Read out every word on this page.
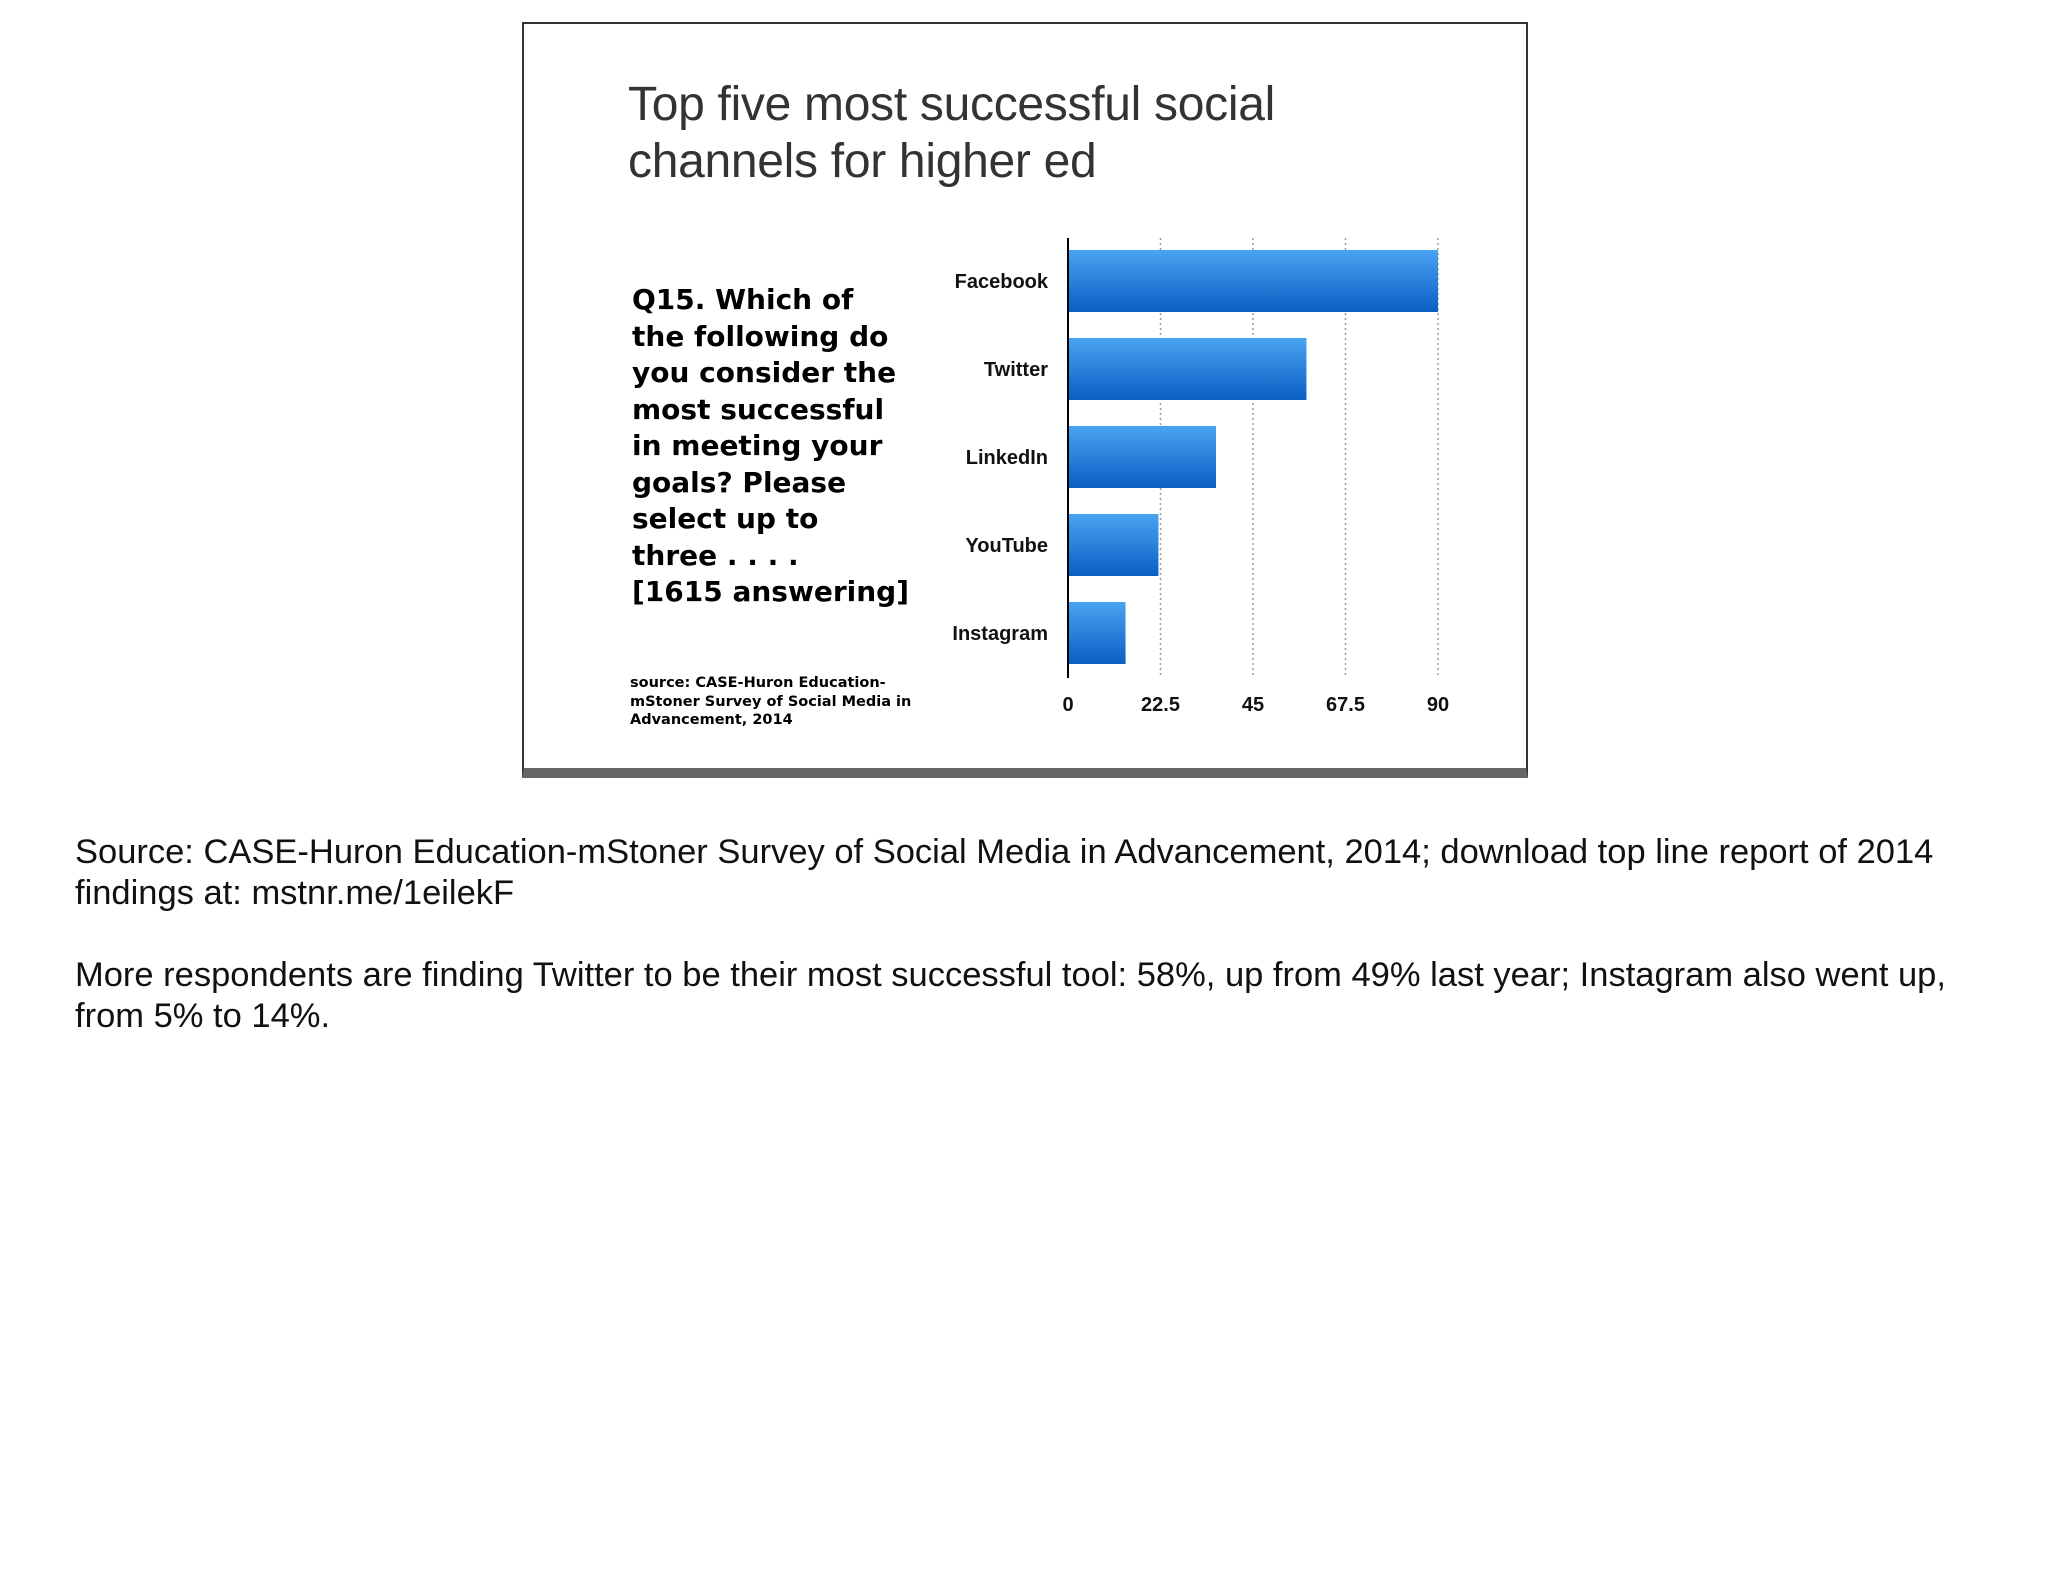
Top five most successful social
channels for higher ed
Q15. Which of
the following do
you consider the
most successful
in meeting your
goals? Please
select up to
three . . . .
[1615 answering]
source: CASE-Huron Education-
mStoner Survey of Social Media in
Advancement, 2014
Facebook
Twitter
LinkedIn
YouTube
Instagram
0	22.5	45	67.5	90

Source: CASE-Huron Education-mStoner Survey of Social Media in Advancement, 2014; download top line report of 2014 findings at: mstnr.me/1eilekF

More respondents are finding Twitter to be their most successful tool: 58%, up from 49% last year; Instagram also went up, from 5% to 14%.
